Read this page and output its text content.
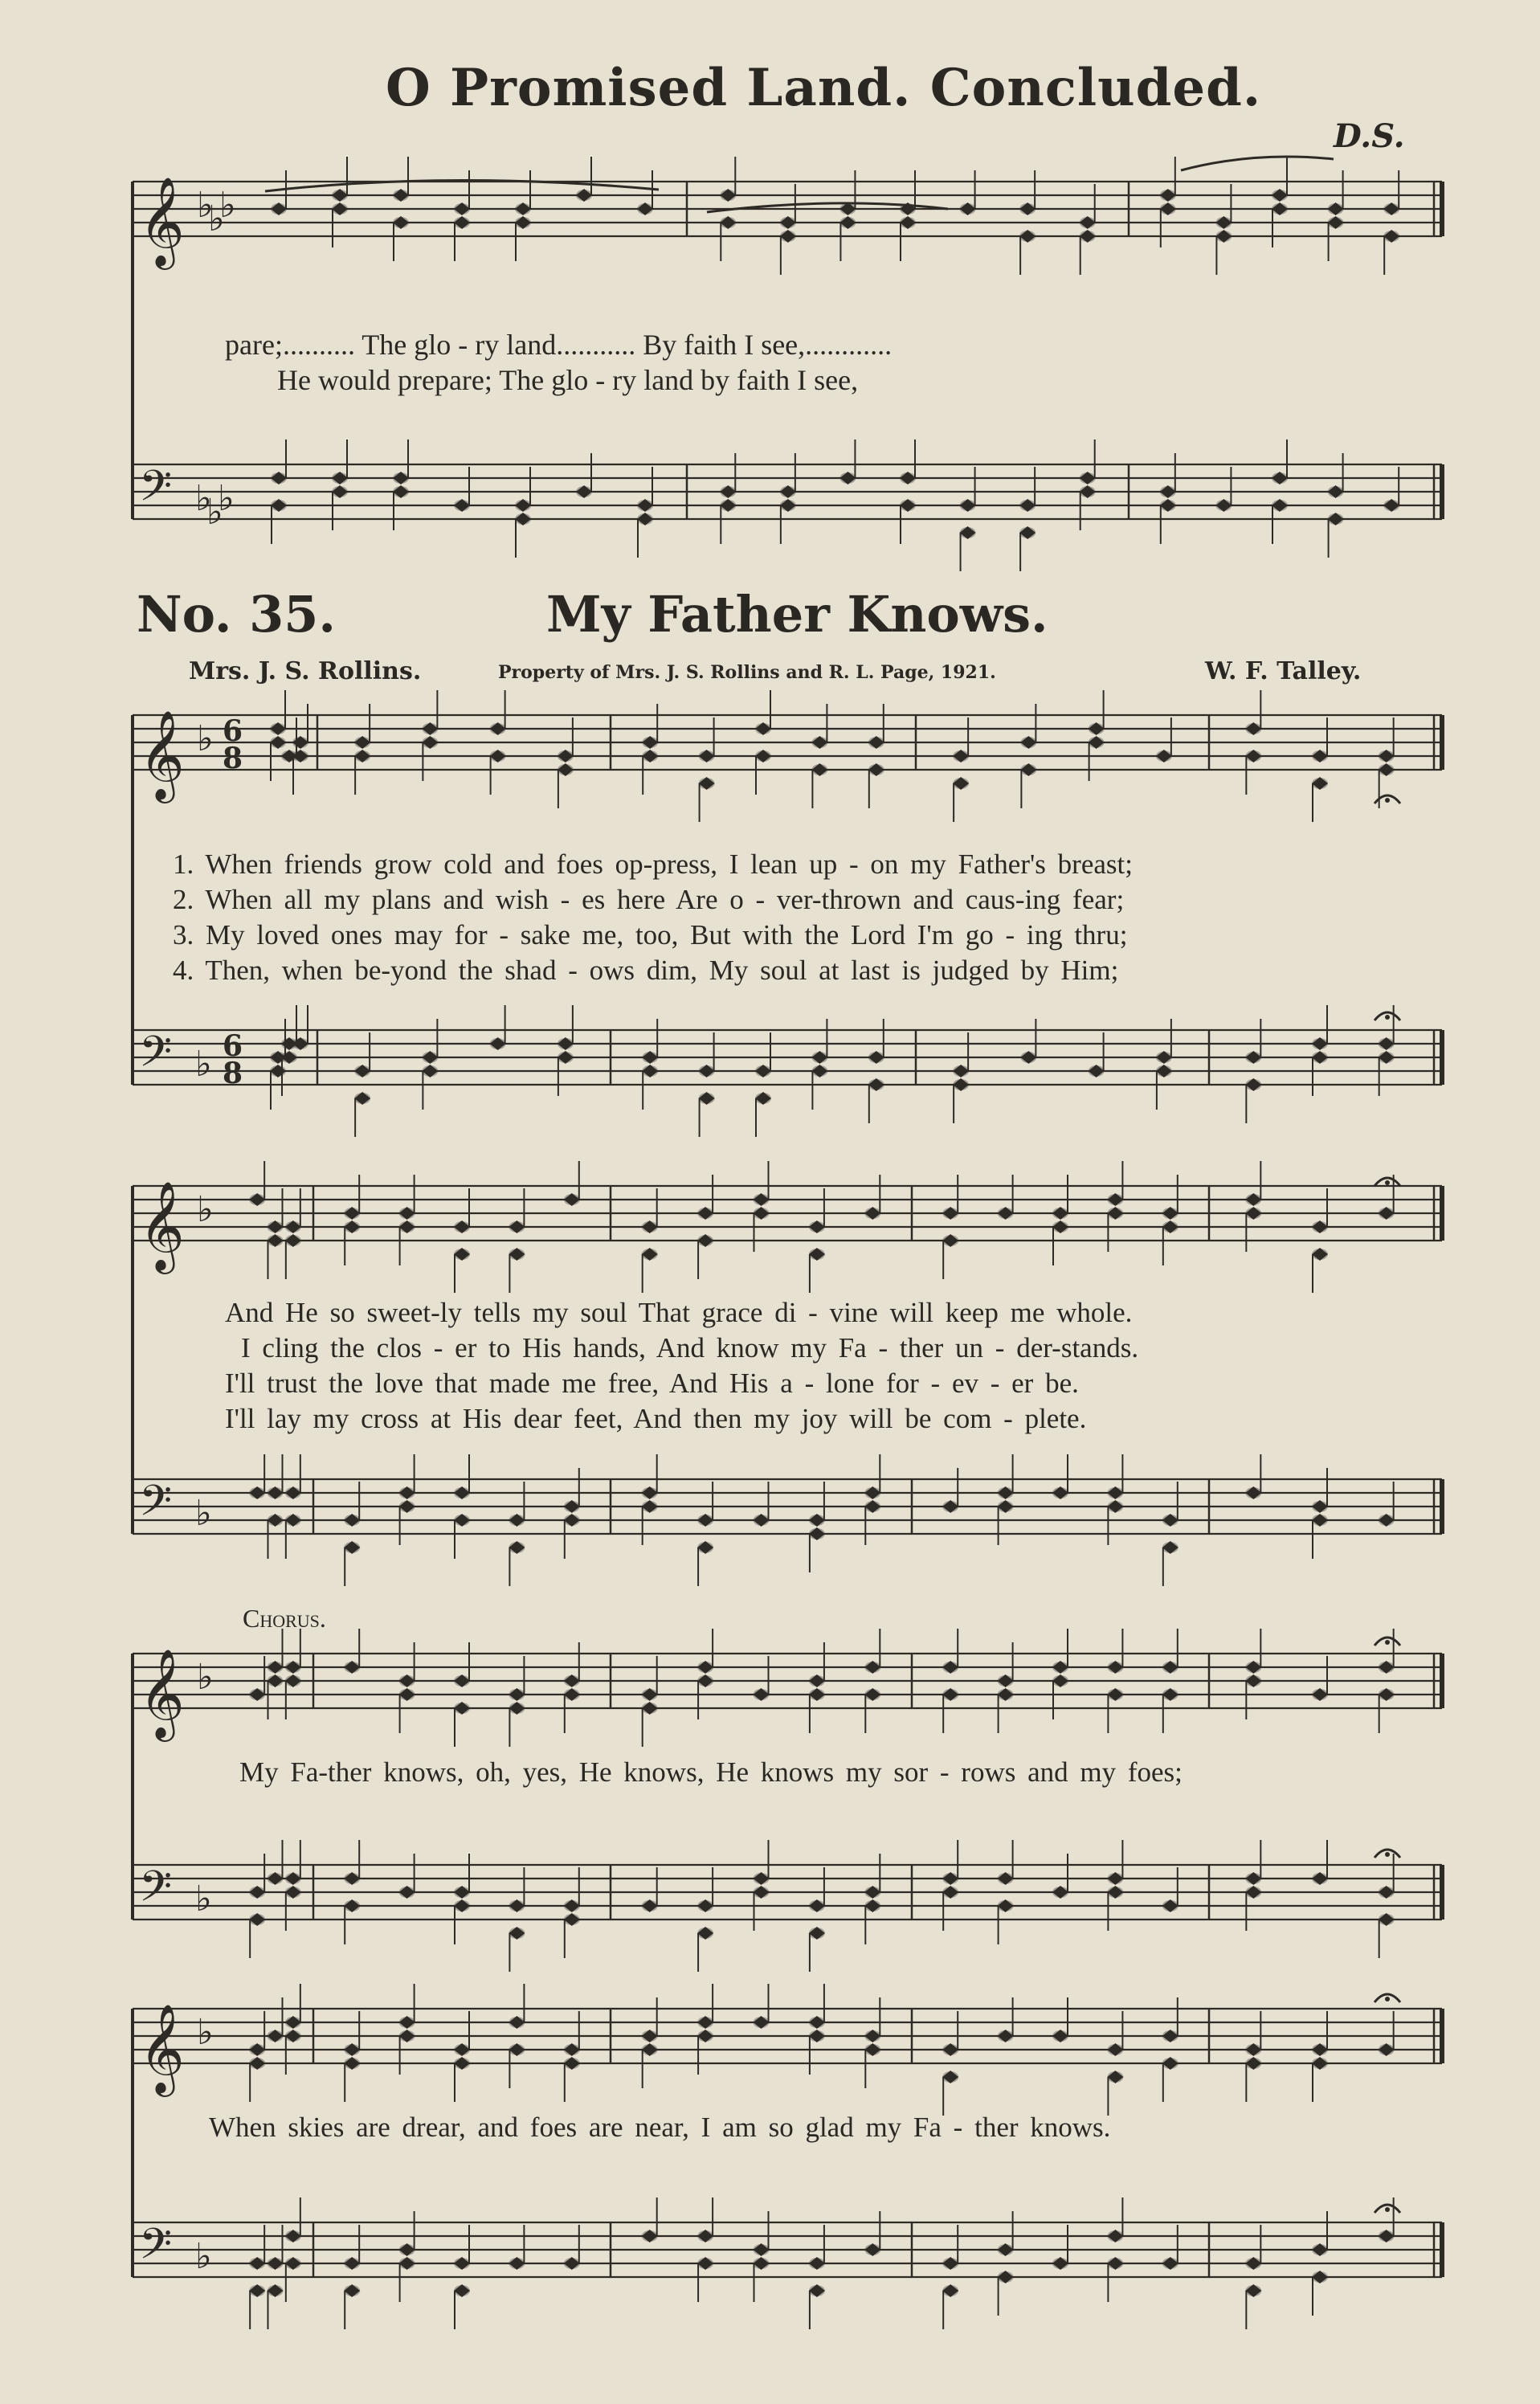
O Promised Land. Concluded.
D.S.
pare;.......... The glo - ry land........... By faith I see,............
He would prepare; The glo - ry land by faith I see,
No. 35.	My Father Knows.
Mrs. J. S. Rollins.	Property of Mrs. J. S. Rollins and R. L. Page, 1921.	W. F. Talley.
1. When friends grow cold and foes op-press, I lean up - on my Father's breast;
2. When all my plans and wish - es here Are o - ver-thrown and caus-ing fear;
3. My loved ones may for - sake me, too, But with the Lord I'm go - ing thru;
4. Then, when be-yond the shad - ows dim, My soul at last is judged by Him;
And He so sweet-ly tells my soul That grace di - vine will keep me whole.
I cling the clos - er to His hands, And know my Fa - ther un - der-stands.
I'll trust the love that made me free, And His a - lone for - ev - er be.
I'll lay my cross at His dear feet, And then my joy will be com - plete.
Chorus.
My Fa-ther knows, oh, yes, He knows, He knows my sor - rows and my foes;
When skies are drear, and foes are near, I am so glad my Fa - ther knows.
𝄞
𝄢
♭
♭
♭
♭
♭
♭
𝄞
𝄢
♭
♭
6
8
6
8
𝄞
𝄢
♭
♭
𝄞
𝄢
♭
♭
𝄞
𝄢
♭
♭
